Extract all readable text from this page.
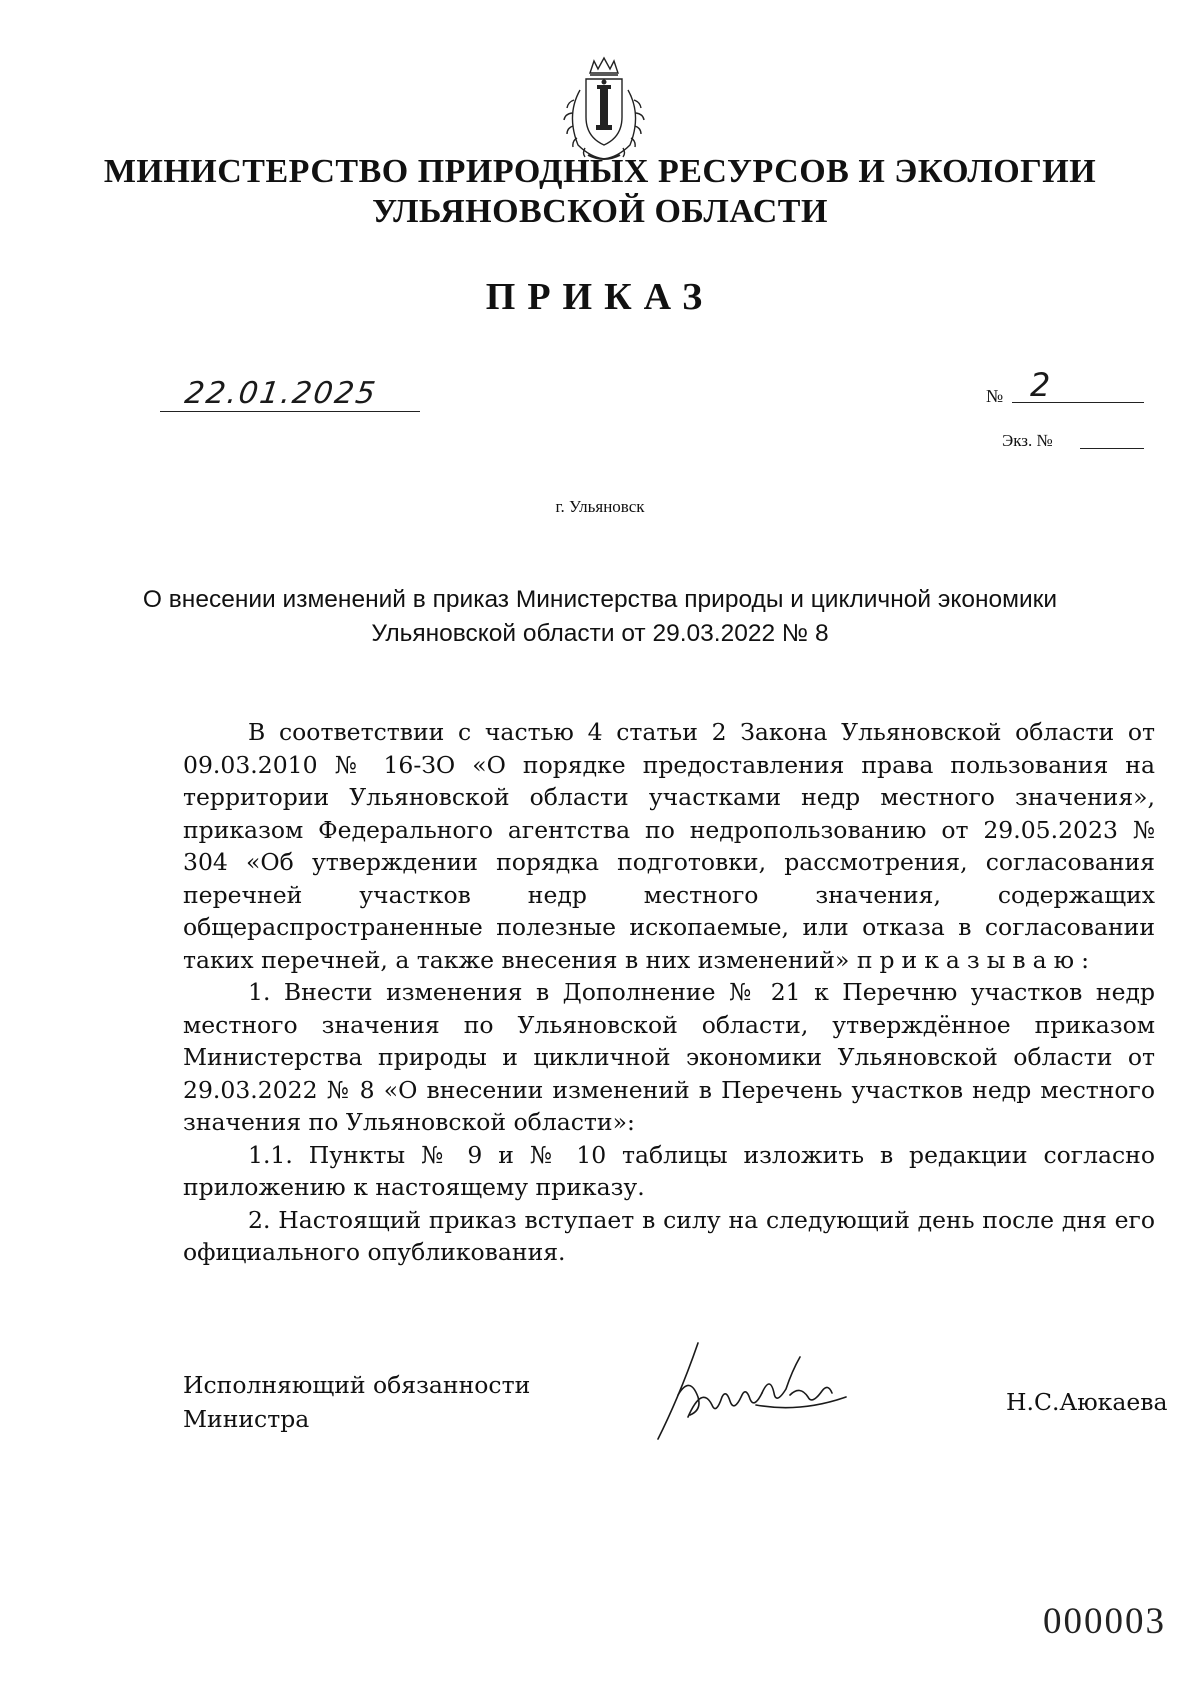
МИНИСТЕРСТВО ПРИРОДНЫХ РЕСУРСОВ И ЭКОЛОГИИ
УЛЬЯНОВСКОЙ ОБЛАСТИ
ПРИКАЗ
22.01.2025	№ 2
Экз. №
г. Ульяновск
О внесении изменений в приказ Министерства природы и цикличной экономики
Ульяновской области от 29.03.2022 № 8

В соответствии с частью 4 статьи 2 Закона Ульяновской области от 09.03.2010 № 16-ЗО «О порядке предоставления права пользования на территории Ульяновской области участками недр местного значения», приказом Федерального агентства по недропользованию от 29.05.2023 № 304 «Об утверждении порядка подготовки, рассмотрения, согласования перечней участков недр местного значения, содержащих общераспространенные полезные ископаемые, или отказа в согласовании таких перечней, а также внесения в них изменений» приказываю:

1. Внести изменения в Дополнение № 21 к Перечню участков недр местного значения по Ульяновской области, утверждённое приказом Министерства природы и цикличной экономики Ульяновской области от 29.03.2022 № 8 «О внесении изменений в Перечень участков недр местного значения по Ульяновской области»:

1.1. Пункты № 9 и № 10 таблицы изложить в редакции согласно приложению к настоящему приказу.

2. Настоящий приказ вступает в силу на следующий день после дня его официального опубликования.

Исполняющий обязанности
Министра
Н.С.Аюкаева
000003
